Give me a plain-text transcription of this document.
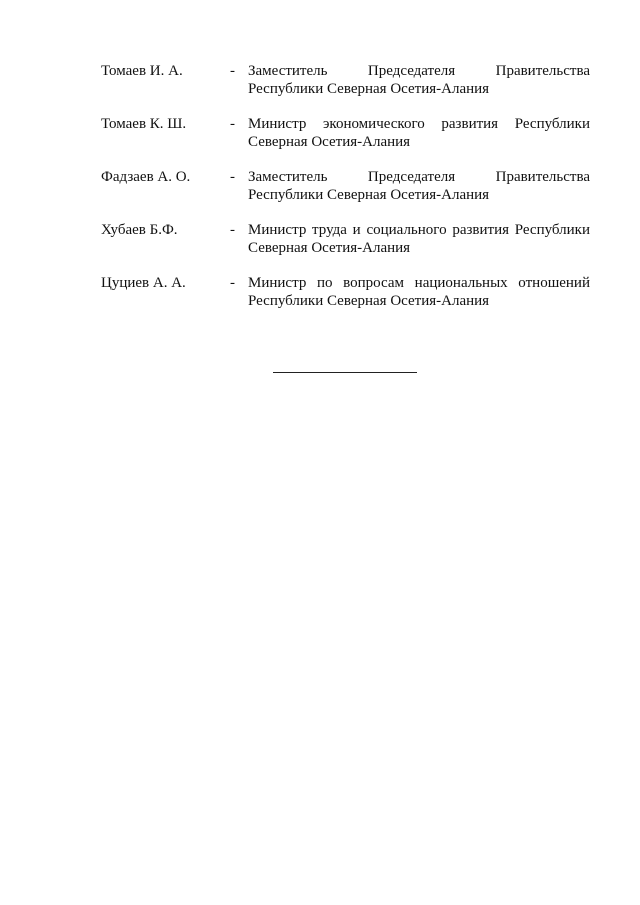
Томаев И. А.	- Заместитель Председателя Правительства Республики Северная Осетия-Алания
Томаев К. Ш.	- Министр экономического развития Республики Северная Осетия-Алания
Фадзаев А. О.	- Заместитель Председателя Правительства Республики Северная Осетия-Алания
Хубаев Б.Ф.	- Министр труда и социального развития Республики Северная Осетия-Алания
Цуциев А. А.	- Министр по вопросам национальных отношений Республики Северная Осетия-Алания
